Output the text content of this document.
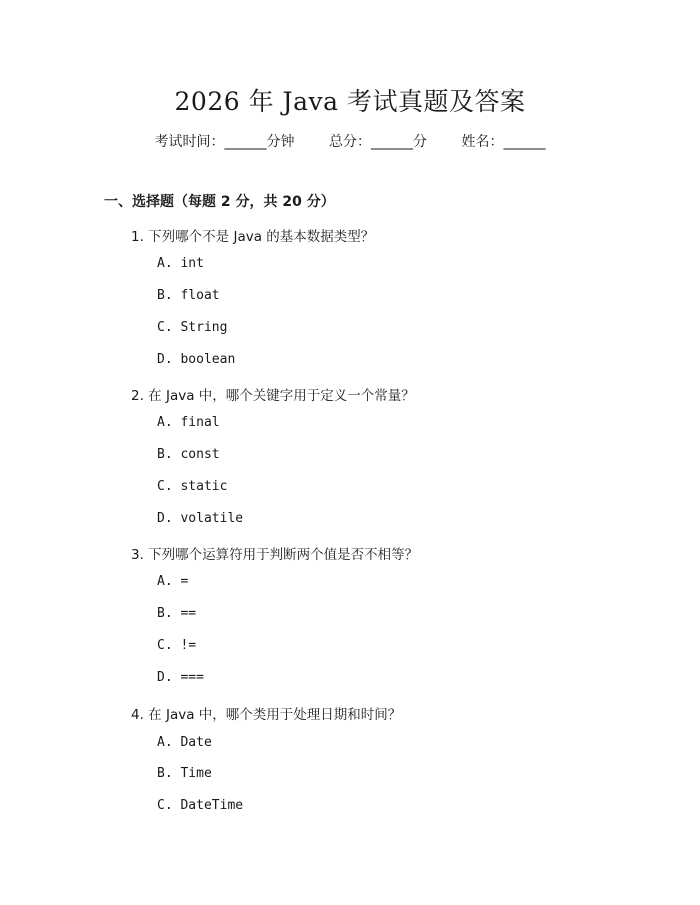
2026 年 Java 考试真题及答案
考试时间：______分钟 总分：______分 姓名：______
一、选择题（每题 2 分，共 20 分）
1. 下列哪个不是 Java 的基本数据类型？
A. int
B. float
C. String
D. boolean
2. 在 Java 中，哪个关键字用于定义一个常量？
A. final
B. const
C. static
D. volatile
3. 下列哪个运算符用于判断两个值是否不相等？
A. =
B. ==
C. !=
D. ===
4. 在 Java 中，哪个类用于处理日期和时间？
A. Date
B. Time
C. DateTime
